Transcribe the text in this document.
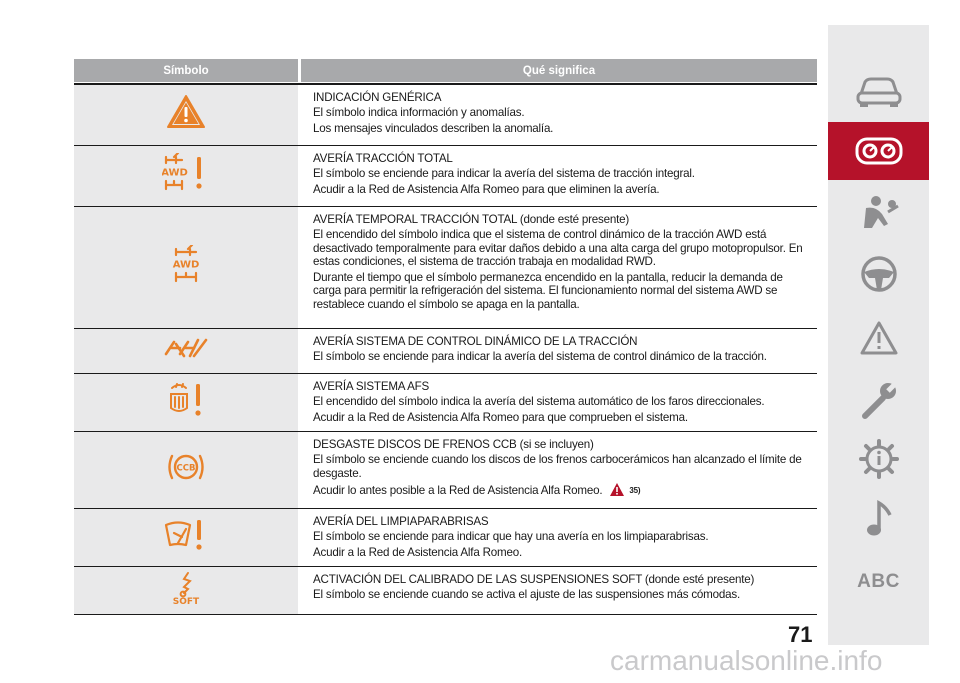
Símbolo	Qué significa

INDICACIÓN GENÉRICA

El símbolo indica información y anomalías.

Los mensajes vinculados describen la anomalía.

AWD

AVERÍA TRACCIÓN TOTAL

El símbolo se enciende para indicar la avería del sistema de tracción integral.

Acudir a la Red de Asistencia Alfa Romeo para que eliminen la avería.

AWD

AVERÍA TEMPORAL TRACCIÓN TOTAL (donde esté presente)

El encendido del símbolo indica que el sistema de control dinámico de la tracción AWD está desactivado temporalmente para evitar daños debido a una alta carga del grupo motopropulsor. En estas condiciones, el sistema de tracción trabaja en modalidad RWD.

Durante el tiempo que el símbolo permanezca encendido en la pantalla, reducir la demanda de carga para permitir la refrigeración del sistema. El funcionamiento normal del sistema AWD se restablece cuando el símbolo se apaga en la pantalla.

AVERÍA SISTEMA DE CONTROL DINÁMICO DE LA TRACCIÓN

El símbolo se enciende para indicar la avería del sistema de control dinámico de la tracción.

AVERÍA SISTEMA AFS

El encendido del símbolo indica la avería del sistema automático de los faros direccionales.

Acudir a la Red de Asistencia Alfa Romeo para que comprueben el sistema.

CCB

DESGASTE DISCOS DE FRENOS CCB (si se incluyen)

El símbolo se enciende cuando los discos de los frenos carbocerámicos han alcanzado el límite de desgaste.

Acudir lo antes posible a la Red de Asistencia Alfa Romeo.	35)

AVERÍA DEL LIMPIAPARABRISAS

El símbolo se enciende para indicar que hay una avería en los limpiaparabrisas.

Acudir a la Red de Asistencia Alfa Romeo.

SOFT

ACTIVACIÓN DEL CALIBRADO DE LAS SUSPENSIONES SOFT (donde esté presente)

El símbolo se enciende cuando se activa el ajuste de las suspensiones más cómodas.

ABC
71
carmanualsonline.info
